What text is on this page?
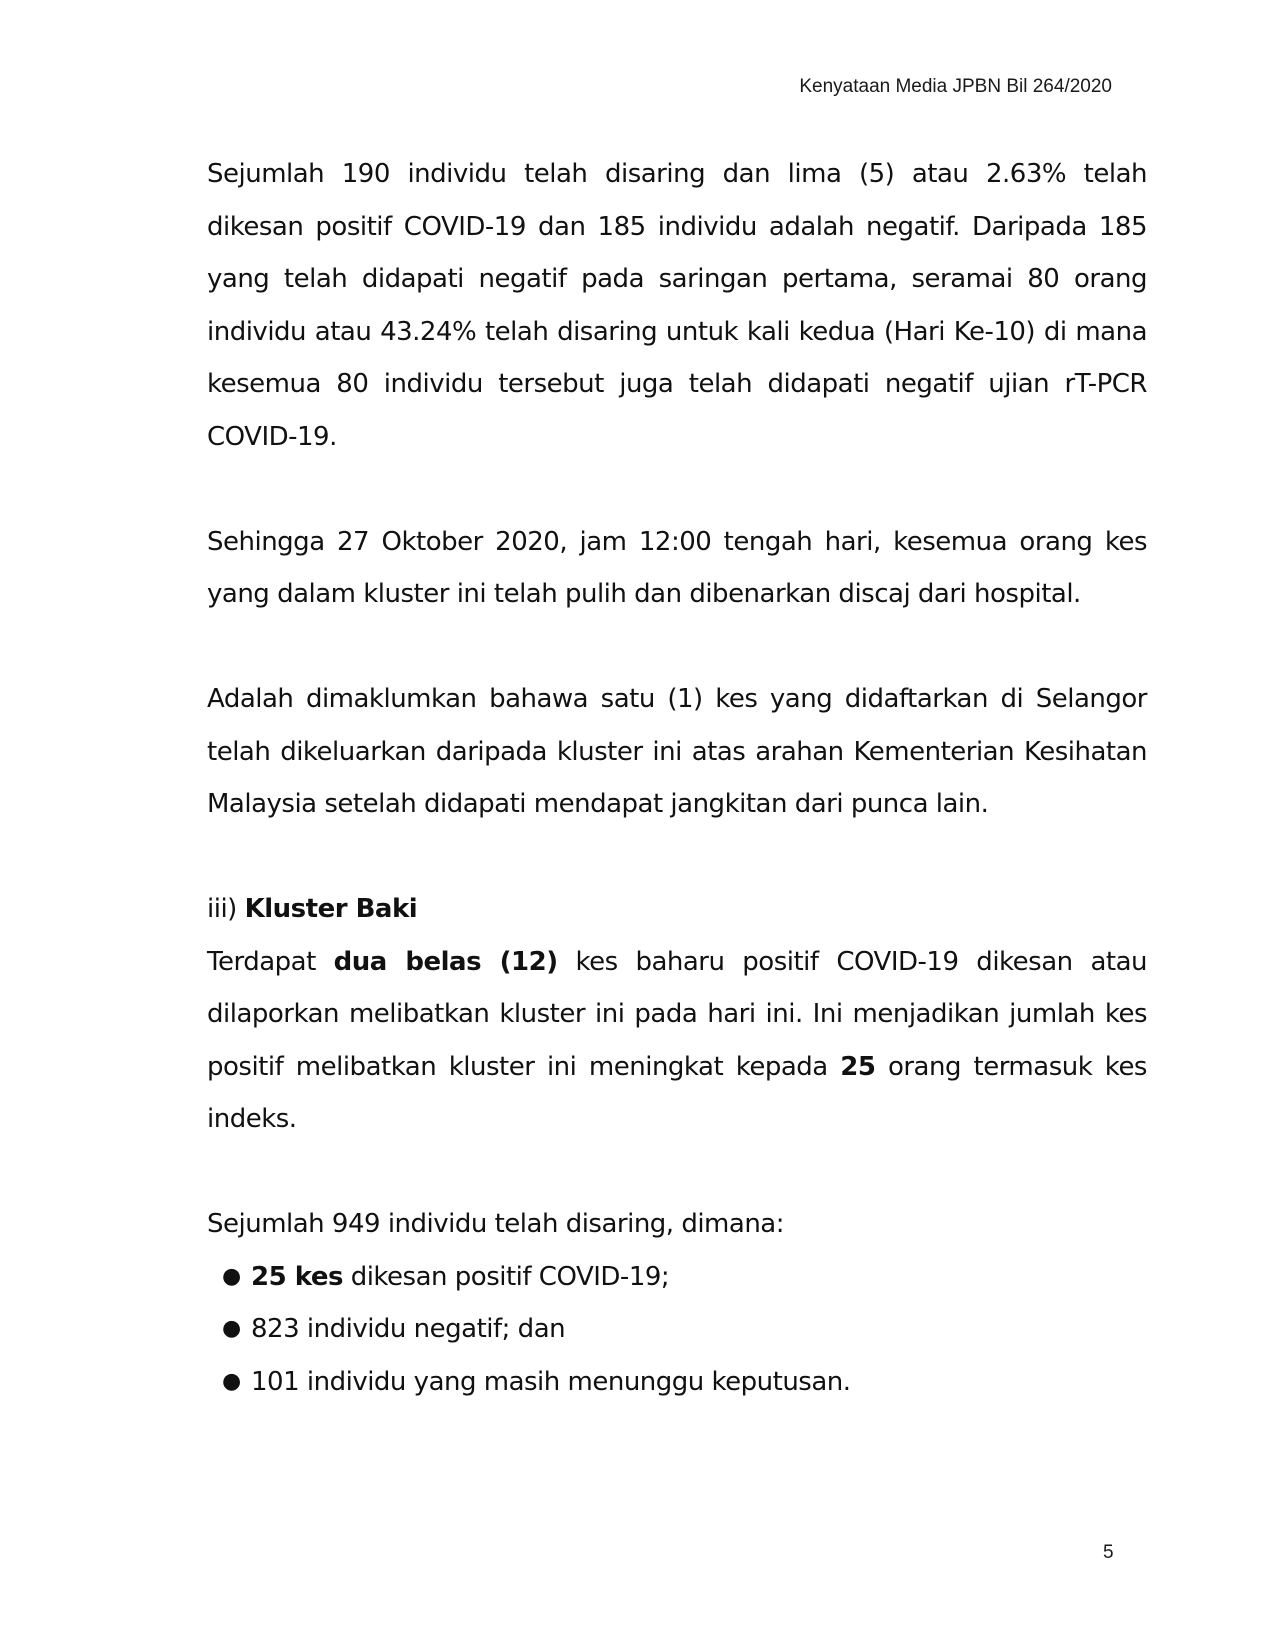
Kenyataan Media JPBN Bil 264/2020

Sejumlah 190 individu telah disaring dan lima (5) atau 2.63% telah dikesan positif COVID-19 dan 185 individu adalah negatif. Daripada 185 yang telah didapati negatif pada saringan pertama, seramai 80 orang individu atau 43.24% telah disaring untuk kali kedua (Hari Ke-10) di mana kesemua 80 individu tersebut juga telah didapati negatif ujian rT-PCR COVID-19.

Sehingga 27 Oktober 2020, jam 12:00 tengah hari, kesemua orang kes yang dalam kluster ini telah pulih dan dibenarkan discaj dari hospital.

Adalah dimaklumkan bahawa satu (1) kes yang didaftarkan di Selangor telah dikeluarkan daripada kluster ini atas arahan Kementerian Kesihatan Malaysia setelah didapati mendapat jangkitan dari punca lain.

iii) Kluster Baki

Terdapat dua belas (12) kes baharu positif COVID-19 dikesan atau dilaporkan melibatkan kluster ini pada hari ini. Ini menjadikan jumlah kes positif melibatkan kluster ini meningkat kepada 25 orang termasuk kes indeks.

Sejumlah 949 individu telah disaring, dimana:

● 25 kes dikesan positif COVID-19;
● 823 individu negatif; dan
● 101 individu yang masih menunggu keputusan.
5
